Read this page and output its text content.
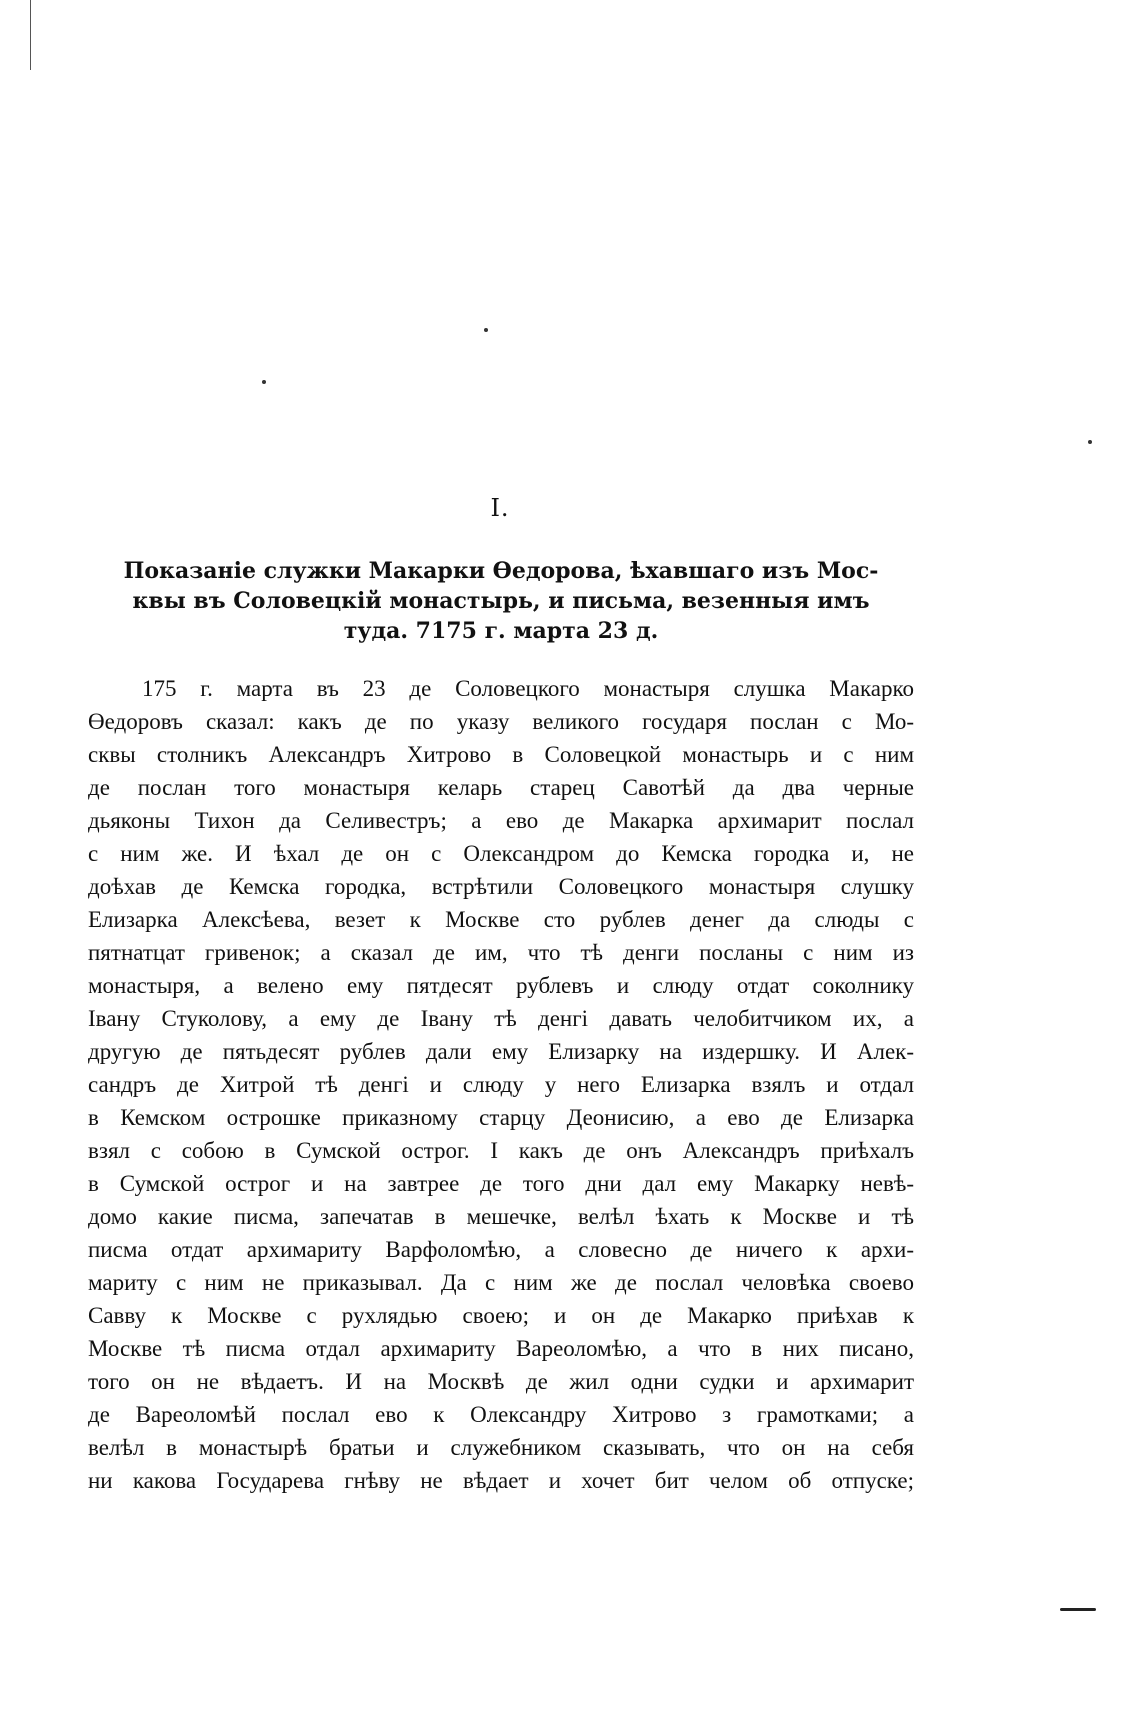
I.
Показаніе служки Макарки Өедорова, ѣхавшаго изъ Мос-
квы въ Соловецкій монастырь, и письма, везенныя имъ
туда. 7175 г. марта 23 д.
175 г. марта въ 23 де Соловецкого монастыря слушка Макарко
Өедоровъ сказал: какъ де по указу великого государя послан с Мо-
сквы столникъ Александръ Хитрово в Соловецкой монастырь и с ним
де послан того монастыря келарь старец Савотѣй да два черные
дьяконы Тихон да Селивестръ; а ево де Макарка архимарит послал
с ним же. И ѣхал де он с Олександром до Кемска городка и, не
доѣхав де Кемска городка, встрѣтили Соловецкого монастыря слушку
Елизарка Алексѣева, везет к Москве сто рублев денег да слюды с
пятнатцат гривенок; а сказал де им, что тѣ денги посланы с ним из
монастыря, а велено ему пятдесят рублевъ и слюду отдат соколнику
Івану Стуколову, а ему де Івану тѣ денгі давать челобитчиком их, а
другую де пятьдесят рублев дали ему Елизарку на издершку. И Алек-
сандръ де Хитрой тѣ денгі и слюду у него Елизарка взялъ и отдал
в Кемском острошке приказному старцу Деонисию, а ево де Елизарка
взял с собою в Сумской острог. І какъ де онъ Александръ приѣхалъ
в Сумской острог и на завтрее де того дни дал ему Макарку невѣ-
домо какие писма, запечатав в мешечке, велѣл ѣхать к Москве и тѣ
писма отдат архимариту Варфоломѣю, а словесно де ничего к архи-
мариту с ним не приказывал. Да с ним же де послал человѣка своево
Савву к Москве с рухлядью своею; и он де Макарко приѣхав к
Москве тѣ писма отдал архимариту Вареоломѣю, а что в них писано,
того он не вѣдаетъ. И на Москвѣ де жил одни судки и архимарит
де Вареоломѣй послал ево к Олександру Хитрово з грамотками; а
велѣл в монастырѣ братьи и служебником сказывать, что он на себя
ни какова Государева гнѣву не вѣдает и хочет бит челом об отпуске;
